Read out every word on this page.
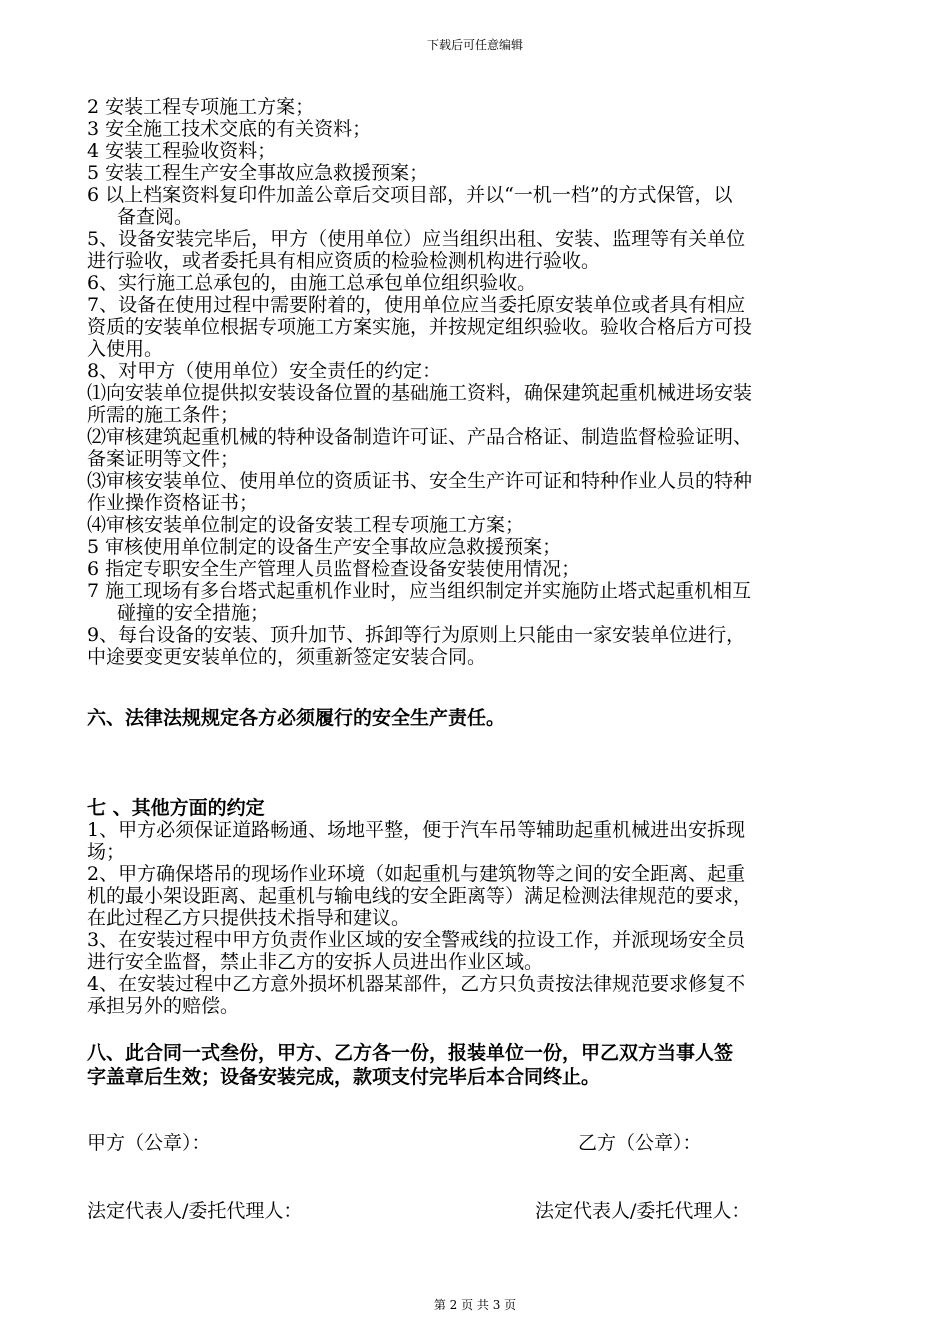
下载后可任意编辑

2 安装工程专项施工方案；

3 安全施工技术交底的有关资料；

4 安装工程验收资料；

5 安装工程生产安全事故应急救援预案；

6 以上档案资料复印件加盖公章后交项目部，并以“一机一档”的方式保管，以

备查阅。

5、设备安装完毕后，甲方（使用单位）应当组织出租、安装、监理等有关单位

进行验收，或者委托具有相应资质的检验检测机构进行验收。

6、实行施工总承包的，由施工总承包单位组织验收。

7、设备在使用过程中需要附着的，使用单位应当委托原安装单位或者具有相应

资质的安装单位根据专项施工方案实施，并按规定组织验收。验收合格后方可投

入使用。

8、对甲方（使用单位）安全责任的约定：

⑴向安装单位提供拟安装设备位置的基础施工资料，确保建筑起重机械进场安装

所需的施工条件；

⑵审核建筑起重机械的特种设备制造许可证、产品合格证、制造监督检验证明、

备案证明等文件；

⑶审核安装单位、使用单位的资质证书、安全生产许可证和特种作业人员的特种

作业操作资格证书；

⑷审核安装单位制定的设备安装工程专项施工方案；

5 审核使用单位制定的设备生产安全事故应急救援预案；

6 指定专职安全生产管理人员监督检查设备安装使用情况；

7 施工现场有多台塔式起重机作业时，应当组织制定并实施防止塔式起重机相互

碰撞的安全措施；

9、每台设备的安装、顶升加节、拆卸等行为原则上只能由一家安装单位进行，

中途要变更安装单位的，须重新签定安装合同。

六、法律法规规定各方必须履行的安全生产责任。
七 、其他方面的约定

1、甲方必须保证道路畅通、场地平整，便于汽车吊等辅助起重机械进出安拆现

场；

2、甲方确保塔吊的现场作业环境（如起重机与建筑物等之间的安全距离、起重

机的最小架设距离、起重机与输电线的安全距离等）满足检测法律规范的要求，

在此过程乙方只提供技术指导和建议。

3、在安装过程中甲方负责作业区域的安全警戒线的拉设工作，并派现场安全员

进行安全监督，禁止非乙方的安拆人员进出作业区域。

4、在安装过程中乙方意外损坏机器某部件，乙方只负责按法律规范要求修复不

承担另外的赔偿。

八、此合同一式叁份，甲方、乙方各一份，报装单位一份，甲乙双方当事人签

字盖章后生效；设备安装完成，款项支付完毕后本合同终止。

甲方（公章）：	乙方（公章）：
法定代表人/委托代理人：	法定代表人/委托代理人：
第 2 页 共 3 页
